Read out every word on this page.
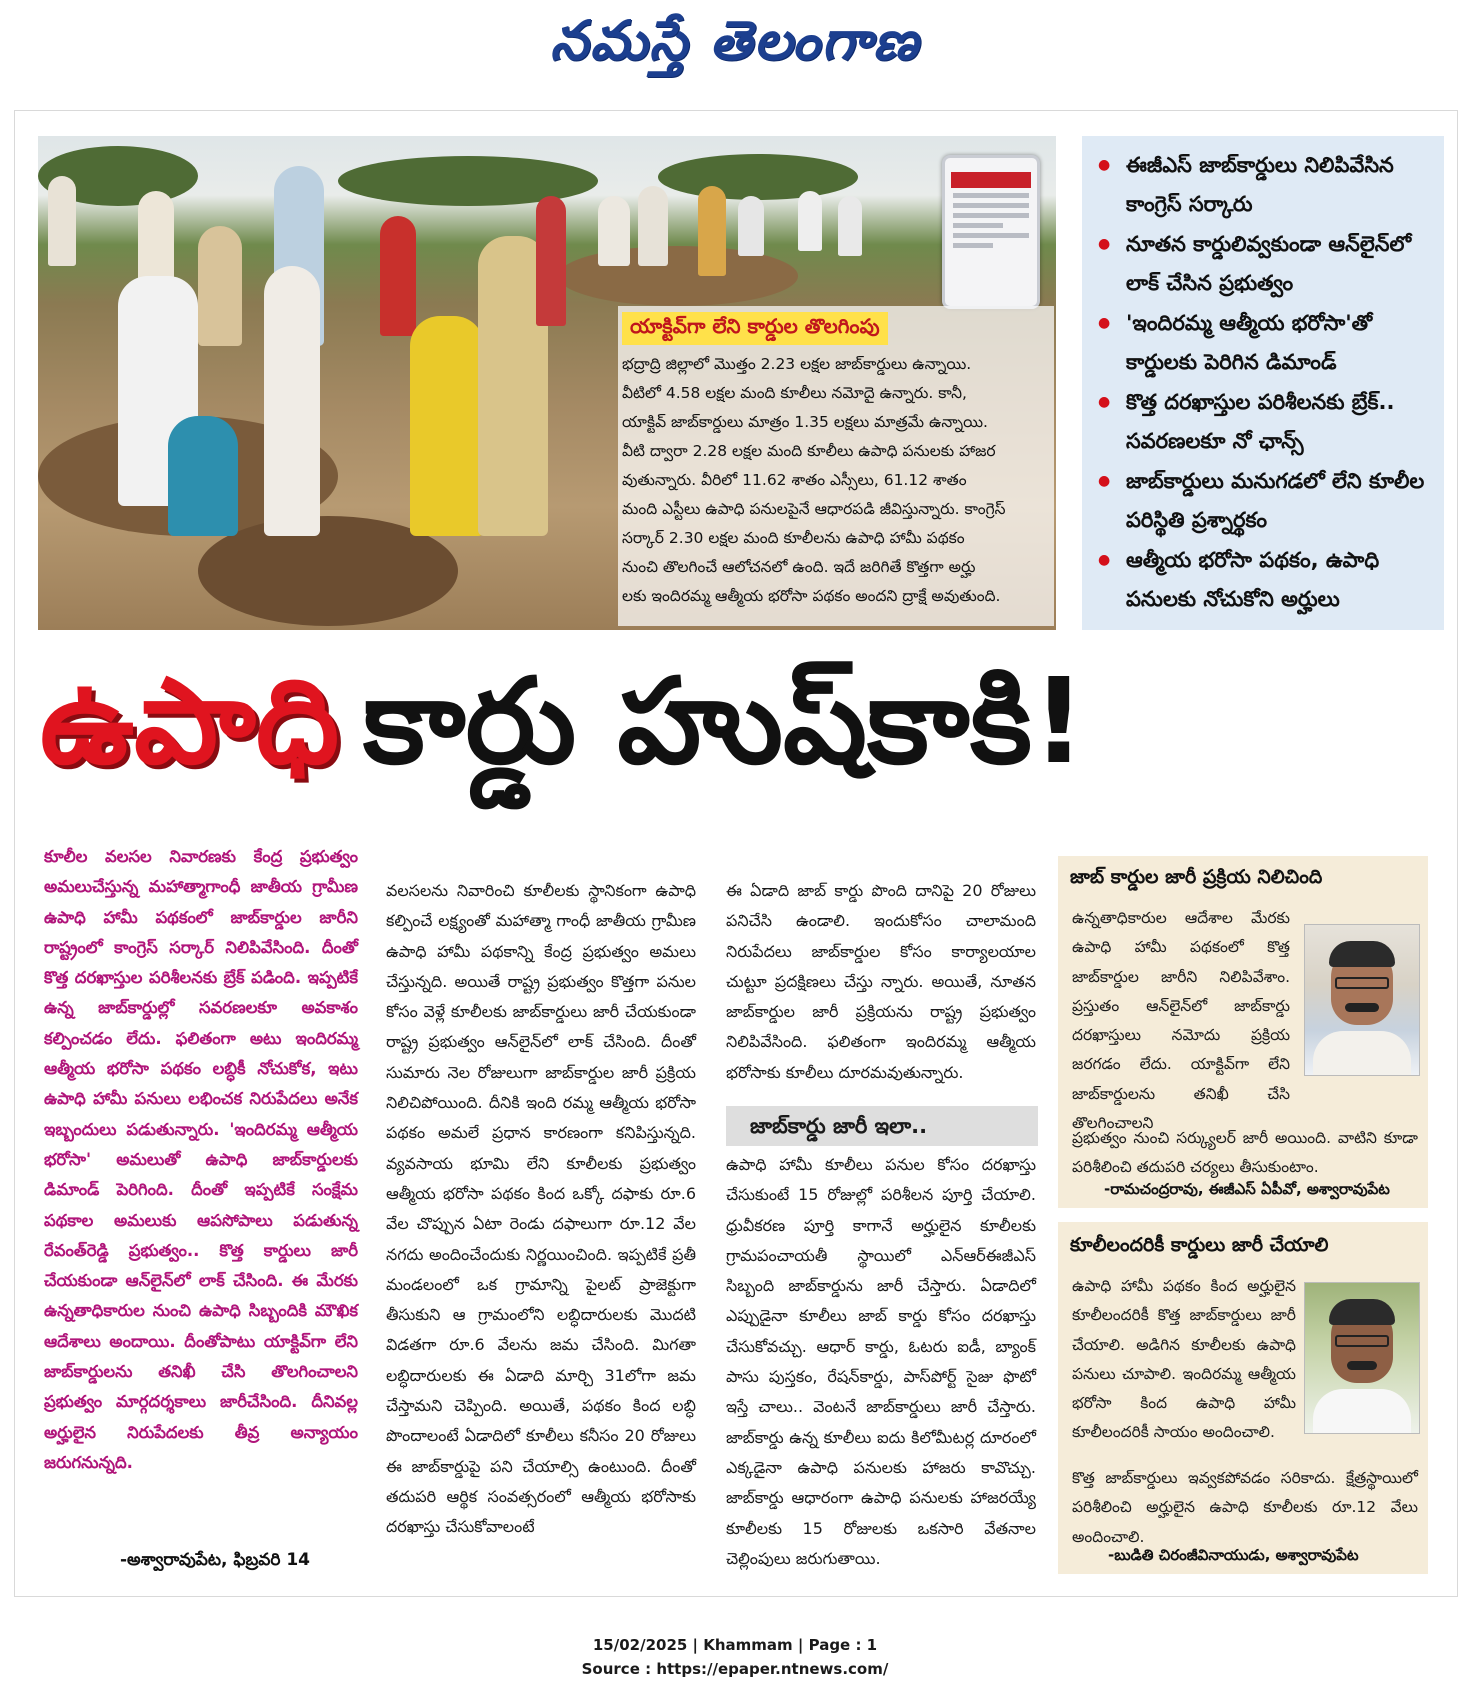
నమస్తే తెలంగాణ
యాక్టివ్‌గా లేని కార్డుల తొలగింపు
భద్రాద్రి జిల్లాలో మొత్తం 2.23 లక్షల జాబ్‌కార్డులు ఉన్నాయి.
వీటిలో 4.58 లక్షల మంది కూలీలు నమోదై ఉన్నారు. కానీ,
యాక్టివ్ జాబ్‌కార్డులు మాత్రం 1.35 లక్షలు మాత్రమే ఉన్నాయి.
వీటి ద్వారా 2.28 లక్షల మంది కూలీలు ఉపాధి పనులకు హాజర
వుతున్నారు. వీరిలో 11.62 శాతం ఎస్సీలు, 61.12 శాతం
మంది ఎస్టీలు ఉపాధి పనులపైనే ఆధారపడి జీవిస్తున్నారు. కాంగ్రెస్
సర్కార్ 2.30 లక్షల మంది కూలీలను ఉపాధి హామీ పథకం
నుంచి తొలగించే ఆలోచనలో ఉంది. ఇదే జరిగితే కొత్తగా అర్హు
లకు ఇందిరమ్మ ఆత్మీయ భరోసా పథకం అందని ద్రాక్షే అవుతుంది.
● ఈజీఎస్ జాబ్‌కార్డులు నిలిపివేసిన కాంగ్రెస్ సర్కారు
● నూతన కార్డులివ్వకుండా ఆన్‌లైన్‌లో లాక్ చేసిన ప్రభుత్వం
● 'ఇందిరమ్మ ఆత్మీయ భరోసా'తో కార్డులకు పెరిగిన డిమాండ్
● కొత్త దరఖాస్తుల పరిశీలనకు బ్రేక్.. సవరణలకూ నో ఛాన్స్
● జాబ్‌కార్డులు మనుగడలో లేని కూలీల పరిస్థితి ప్రశ్నార్థకం
● ఆత్మీయ భరోసా పథకం, ఉపాధి పనులకు నోచుకోని అర్హులు
ఉపాధి కార్డు హుష్‌కాకి!
కూలీల వలసల నివారణకు కేంద్ర ప్రభుత్వం అమలుచేస్తున్న మహాత్మాగాంధీ జాతీయ గ్రామీణ ఉపాధి హామీ పథకంలో జాబ్‌కార్డుల జారీని రాష్ట్రంలో కాంగ్రెస్ సర్కార్ నిలిపివేసింది. దీంతో కొత్త దరఖాస్తుల పరిశీలనకు బ్రేక్ పడింది. ఇప్పటికే ఉన్న జాబ్‌కార్డుల్లో సవరణలకూ అవకాశం కల్పించడం లేదు. ఫలితంగా అటు ఇందిరమ్మ ఆత్మీయ భరోసా పథకం లబ్ధికీ నోచుకోక, ఇటు ఉపాధి హామీ పనులు లభించక నిరుపేదలు అనేక ఇబ్బందులు పడుతున్నారు. 'ఇందిరమ్మ ఆత్మీయ భరోసా' అమలుతో ఉపాధి జాబ్‌కార్డులకు డిమాండ్ పెరిగింది. దీంతో ఇప్పటికే సంక్షేమ పథకాల అమలుకు ఆపసోపాలు పడుతున్న రేవంత్‌రెడ్డి ప్రభుత్వం.. కొత్త కార్డులు జారీ చేయకుండా ఆన్‌లైన్‌లో లాక్ చేసింది. ఈ మేరకు ఉన్నతాధికారుల నుంచి ఉపాధి సిబ్బందికి మౌఖిక ఆదేశాలు అందాయి. దీంతోపాటు యాక్టివ్‌గా లేని జాబ్‌కార్డులను తనిఖీ చేసి తొలగించాలని ప్రభుత్వం మార్గదర్శకాలు జారీచేసింది. దీనివల్ల అర్హులైన నిరుపేదలకు తీవ్ర అన్యాయం జరుగనున్నది.
-అశ్వారావుపేట, ఫిబ్రవరి 14
వలసలను నివారించి కూలీలకు స్థానికంగా ఉపాధి కల్పించే లక్ష్యంతో మహాత్మా గాంధీ జాతీయ గ్రామీణ ఉపాధి హామీ పథకాన్ని కేంద్ర ప్రభుత్వం అమలు చేస్తున్నది. అయితే రాష్ట్ర ప్రభుత్వం కొత్తగా పనుల కోసం వెళ్లే కూలీలకు జాబ్‌కార్డులు జారీ చేయకుండా రాష్ట్ర ప్రభుత్వం ఆన్‌లైన్‌లో లాక్ చేసింది. దీంతో సుమారు నెల రోజులుగా జాబ్‌కార్డుల జారీ ప్రక్రియ నిలిచిపోయింది. దీనికి ఇంది రమ్మ ఆత్మీయ భరోసా పథకం అమలే ప్రధాన కారణంగా కనిపిస్తున్నది. వ్యవసాయ భూమి లేని కూలీలకు ప్రభుత్వం ఆత్మీయ భరోసా పథకం కింద ఒక్కో దఫాకు రూ.6 వేల చొప్పున ఏటా రెండు దఫాలుగా రూ.12 వేల నగదు అందించేందుకు నిర్ణయించింది. ఇప్పటికే ప్రతీ మండలంలో ఒక గ్రామాన్ని పైలట్ ప్రాజెక్టుగా తీసుకుని ఆ గ్రామంలోని లబ్ధిదారులకు మొదటి విడతగా రూ.6 వేలను జమ చేసింది. మిగతా లబ్ధిదారులకు ఈ ఏడాది మార్చి 31లోగా జమ చేస్తామని చెప్పింది. అయితే, పథకం కింద లబ్ధి పొందాలంటే ఏడాదిలో కూలీలు కనీసం 20 రోజులు ఈ జాబ్‌కార్డుపై పని చేయాల్సి ఉంటుంది. దీంతో తదుపరి ఆర్థిక సంవత్సరంలో ఆత్మీయ భరోసాకు దరఖాస్తు చేసుకోవాలంటే
ఈ ఏడాది జాబ్ కార్డు పొంది దానిపై 20 రోజులు పనిచేసి ఉండాలి. ఇందుకోసం చాలామంది నిరుపేదలు జాబ్‌కార్డుల కోసం కార్యాలయాల చుట్టూ ప్రదక్షిణలు చేస్తు న్నారు. అయితే, నూతన జాబ్‌కార్డుల జారీ ప్రక్రియను రాష్ట్ర ప్రభుత్వం నిలిపివేసింది. ఫలితంగా ఇందిరమ్మ ఆత్మీయ భరోసాకు కూలీలు దూరమవుతున్నారు.
జాబ్‌కార్డు జారీ ఇలా..
ఉపాధి హామీ కూలీలు పనుల కోసం దరఖాస్తు చేసుకుంటే 15 రోజుల్లో పరిశీలన పూర్తి చేయాలి. ధ్రువీకరణ పూర్తి కాగానే అర్హులైన కూలీలకు గ్రామపంచాయతీ స్థాయిలో ఎన్ఆర్ఈజీఎస్ సిబ్బంది జాబ్‌కార్డును జారీ చేస్తారు. ఏడాదిలో ఎప్పుడైనా కూలీలు జాబ్ కార్డు కోసం దరఖాస్తు చేసుకోవచ్చు. ఆధార్ కార్డు, ఓటరు ఐడీ, బ్యాంక్ పాసు పుస్తకం, రేషన్‌కార్డు, పాస్‌పోర్ట్ సైజు ఫొటో ఇస్తే చాలు.. వెంటనే జాబ్‌కార్డులు జారీ చేస్తారు. జాబ్‌కార్డు ఉన్న కూలీలు ఐదు కిలోమీటర్ల దూరంలో ఎక్కడైనా ఉపాధి పనులకు హాజరు కావొచ్చు. జాబ్‌కార్డు ఆధారంగా ఉపాధి పనులకు హాజరయ్యే కూలీలకు 15 రోజులకు ఒకసారి వేతనాల చెల్లింపులు జరుగుతాయి.
జాబ్ కార్డుల జారీ ప్రక్రియ నిలిచింది
ఉన్నతాధికారుల ఆదేశాల మేరకు ఉపాధి హామీ పథకంలో కొత్త జాబ్‌కార్డుల జారీని నిలిపివేశాం. ప్రస్తుతం ఆన్‌లైన్‌లో జాబ్‌కార్డు దరఖాస్తులు నమోదు ప్రక్రియ జరగడం లేదు. యాక్టివ్‌గా లేని జాబ్‌కార్డులను తనిఖీ చేసి తొలగించాలని
ప్రభుత్వం నుంచి సర్క్యులర్ జారీ అయింది. వాటిని కూడా పరిశీలించి తదుపరి చర్యలు తీసుకుంటాం.
-రామచంద్రరావు, ఈజీఎస్ ఏపీవో, అశ్వారావుపేట
కూలీలందరికీ కార్డులు జారీ చేయాలి
ఉపాధి హామీ పథకం కింద అర్హులైన కూలీలందరికీ కొత్త జాబ్‌కార్డులు జారీ చేయాలి. అడిగిన కూలీలకు ఉపాధి పనులు చూపాలి. ఇందిరమ్మ ఆత్మీయ భరోసా కింద ఉపాధి హామీ కూలీలందరికీ సాయం అందించాలి.
కొత్త జాబ్‌కార్డులు ఇవ్వకపోవడం సరికాదు. క్షేత్రస్థాయిలో పరిశీలించి అర్హులైన ఉపాధి కూలీలకు రూ.12 వేలు అందించాలి.
-బుడితి చిరంజీవినాయుడు, అశ్వారావుపేట
15/02/2025 | Khammam | Page : 1
Source : https://epaper.ntnews.com/
